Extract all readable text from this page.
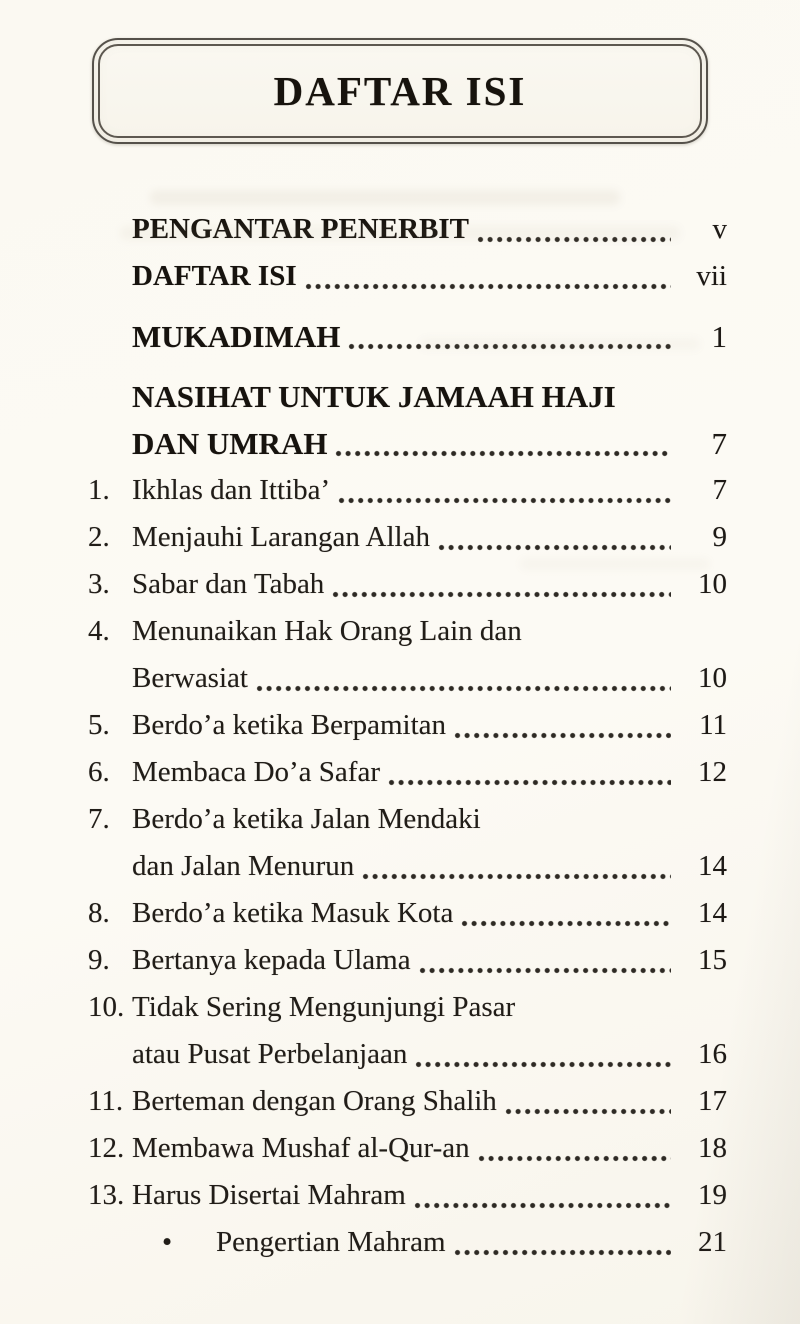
DAFTAR ISI
PENGANTAR PENERBIT	v
DAFTAR ISI	vii
MUKADIMAH	1
NASIHAT UNTUK JAMAAH HAJI
DAN UMRAH	7
1. Ikhlas dan Ittiba’	7
2. Menjauhi Larangan Allah	9
3. Sabar dan Tabah	10
4. Menunaikan Hak Orang Lain dan
Berwasiat	10
5. Berdo’a ketika Berpamitan	11
6. Membaca Do’a Safar	12
7. Berdo’a ketika Jalan Mendaki
dan Jalan Menurun	14
8. Berdo’a ketika Masuk Kota	14
9. Bertanya kepada Ulama	15
10. Tidak Sering Mengunjungi Pasar
atau Pusat Perbelanjaan	16
11. Berteman dengan Orang Shalih	17
12. Membawa Mushaf al-Qur-an	18
13. Harus Disertai Mahram	19
•	Pengertian Mahram	21
